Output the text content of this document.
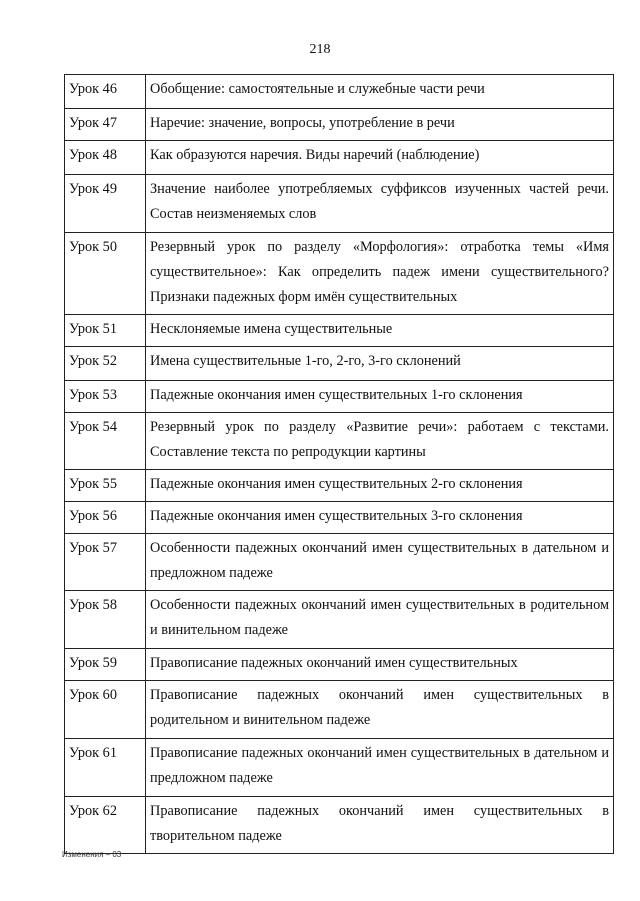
218
Урок 46	Обобщение: самостоятельные и служебные части речи
Урок 47	Наречие: значение, вопросы, употребление в речи
Урок 48	Как образуются наречия. Виды наречий (наблюдение)
Урок 49	Значение наиболее употребляемых суффиксов изученных частей речи. Состав неизменяемых слов
Урок 50	Резервный урок по разделу «Морфология»: отработка темы «Имя существительное»: Как определить падеж имени существительного? Признаки падежных форм имён существительных
Урок 51	Несклоняемые имена существительные
Урок 52	Имена существительные 1-го, 2-го, 3-го склонений
Урок 53	Падежные окончания имен существительных 1-го склонения
Урок 54	Резервный урок по разделу «Развитие речи»: работаем с текстами. Составление текста по репродукции картины
Урок 55	Падежные окончания имен существительных 2-го склонения
Урок 56	Падежные окончания имен существительных 3-го склонения
Урок 57	Особенности падежных окончаний имен существительных в дательном и предложном падеже
Урок 58	Особенности падежных окончаний имен существительных в родительном и винительном падеже
Урок 59	Правописание падежных окончаний имен существительных
Урок 60	Правописание падежных окончаний имен существительных в родительном и винительном падеже
Урок 61	Правописание падежных окончаний имен существительных в дательном и предложном падеже
Урок 62	Правописание падежных окончаний имен существительных в творительном падеже
Изменения – 03
